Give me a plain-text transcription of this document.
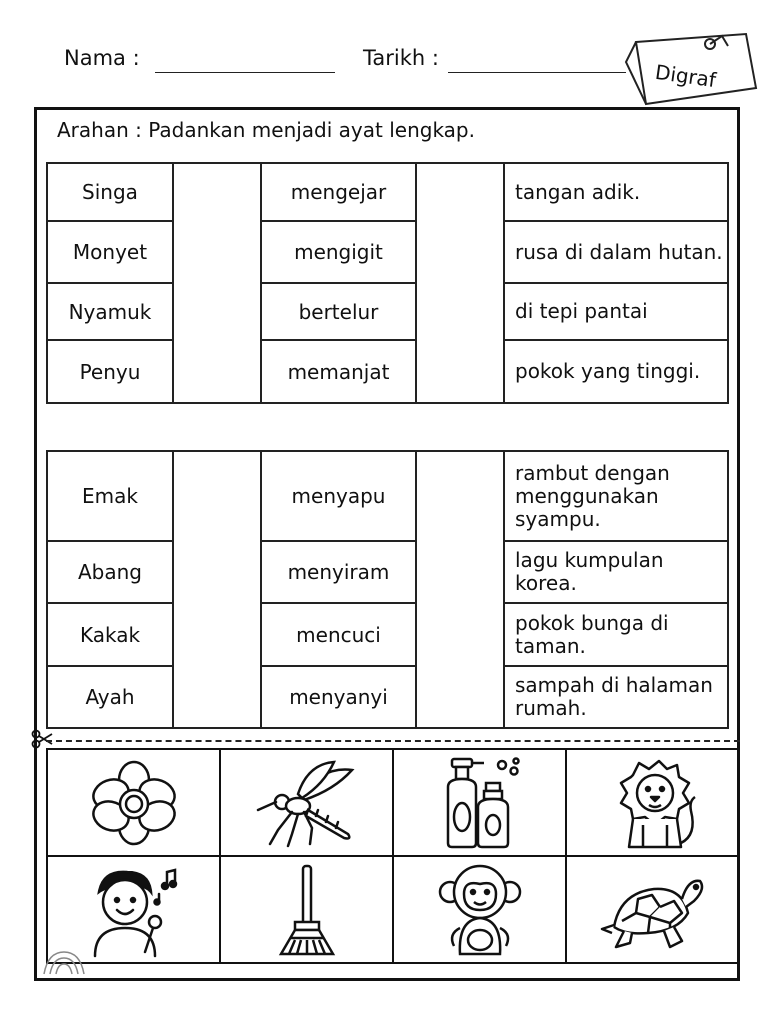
Nama :	Tarikh :
Digraf
Arahan : Padankan menjadi ayat lengkap.
Singa		mengejar		tangan adik.
Monyet		mengigit		rusa di dalam hutan.
Nyamuk		bertelur		di tepi pantai
Penyu		memanjat		pokok yang tinggi.
Emak		menyapu		rambut dengan menggunakan syampu.
Abang		menyiram		lagu kumpulan korea.
Kakak		mencuci		pokok bunga di taman.
Ayah		menyanyi		sampah di halaman rumah.
